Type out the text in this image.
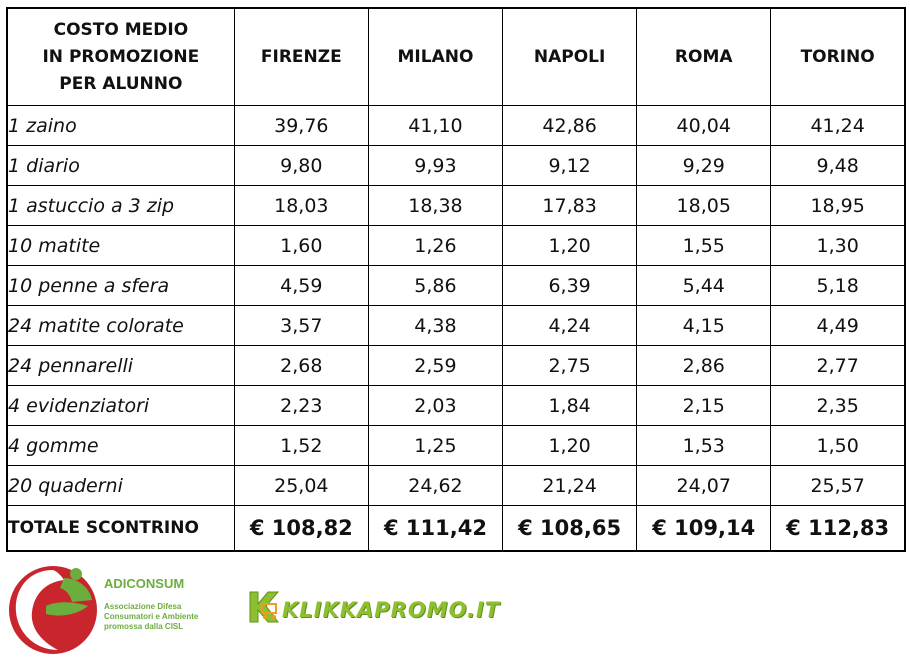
COSTO MEDIO
IN PROMOZIONE
PER ALUNNO	FIRENZE	MILANO	NAPOLI	ROMA	TORINO
1 zaino	39,76	41,10	42,86	40,04	41,24
1 diario	9,80	9,93	9,12	9,29	9,48
1 astuccio a 3 zip	18,03	18,38	17,83	18,05	18,95
10 matite	1,60	1,26	1,20	1,55	1,30
10 penne a sfera	4,59	5,86	6,39	5,44	5,18
24 matite colorate	3,57	4,38	4,24	4,15	4,49
24 pennarelli	2,68	2,59	2,75	2,86	2,77
4 evidenziatori	2,23	2,03	1,84	2,15	2,35
4 gomme	1,52	1,25	1,20	1,53	1,50
20 quaderni	25,04	24,62	21,24	24,07	25,57
TOTALE SCONTRINO	€ 108,82	€ 111,42	€ 108,65	€ 109,14	€ 112,83
ADICONSUM
Associazione Difesa Consumatori e Ambiente promossa dalla CISL
KLIKKAPROMO.IT
